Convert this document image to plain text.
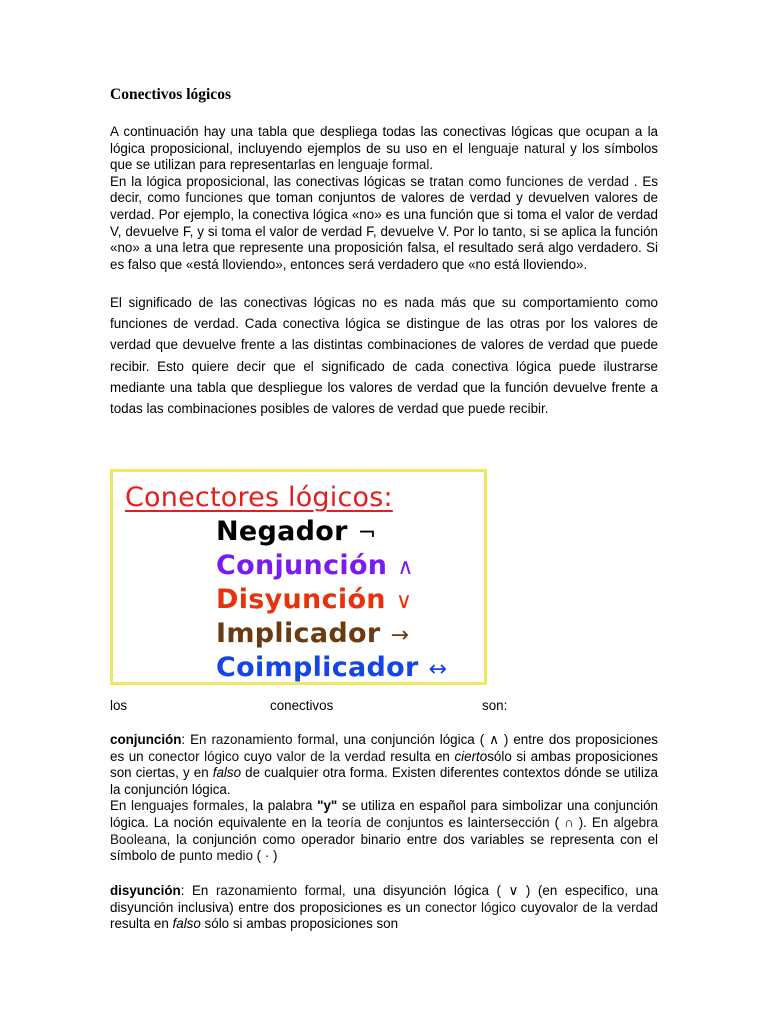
Conectivos lógicos
A continuación hay una tabla que despliega todas las conectivas lógicas que ocupan a la lógica proposicional, incluyendo ejemplos de su uso en el lenguaje natural y los símbolos que se utilizan para representarlas en lenguaje formal.
En la lógica proposicional, las conectivas lógicas se tratan como funciones de verdad . Es decir, como funciones que toman conjuntos de valores de verdad y devuelven valores de verdad. Por ejemplo, la conectiva lógica «no» es una función que si toma el valor de verdad V, devuelve F, y si toma el valor de verdad F, devuelve V. Por lo tanto, si se aplica la función «no» a una letra que represente una proposición falsa, el resultado será algo verdadero. Si es falso que «está lloviendo», entonces será verdadero que «no está lloviendo».
El significado de las conectivas lógicas no es nada más que su comportamiento como funciones de verdad. Cada conectiva lógica se distingue de las otras por los valores de verdad que devuelve frente a las distintas combinaciones de valores de verdad que puede recibir. Esto quiere decir que el significado de cada conectiva lógica puede ilustrarse mediante una tabla que despliegue los valores de verdad que la función devuelve frente a todas las combinaciones posibles de valores de verdad que puede recibir.
Conectores lógicos:
Negador ¬
Conjunción ∧
Disyunción ∨
Implicador →
Coimplicador ↔
los	conectivos	son:
conjunción: En razonamiento formal, una conjunción lógica ( ∧ ) entre dos proposiciones es un conector lógico cuyo valor de la verdad resulta en ciertosólo si ambas proposiciones son ciertas, y en falso de cualquier otra forma. Existen diferentes contextos dónde se utiliza la conjunción lógica.
En lenguajes formales, la palabra "y" se utiliza en español para simbolizar una conjunción lógica. La noción equivalente en la teoría de conjuntos es laintersección ( ∩ ). En algebra Booleana, la conjunción como operador binario entre dos variables se representa con el símbolo de punto medio ( · )
disyunción: En razonamiento formal, una disyunción lógica ( ∨ ) (en especifico, una disyunción inclusiva) entre dos proposiciones es un conector lógico cuyovalor de la verdad resulta en falso sólo si ambas proposiciones son
